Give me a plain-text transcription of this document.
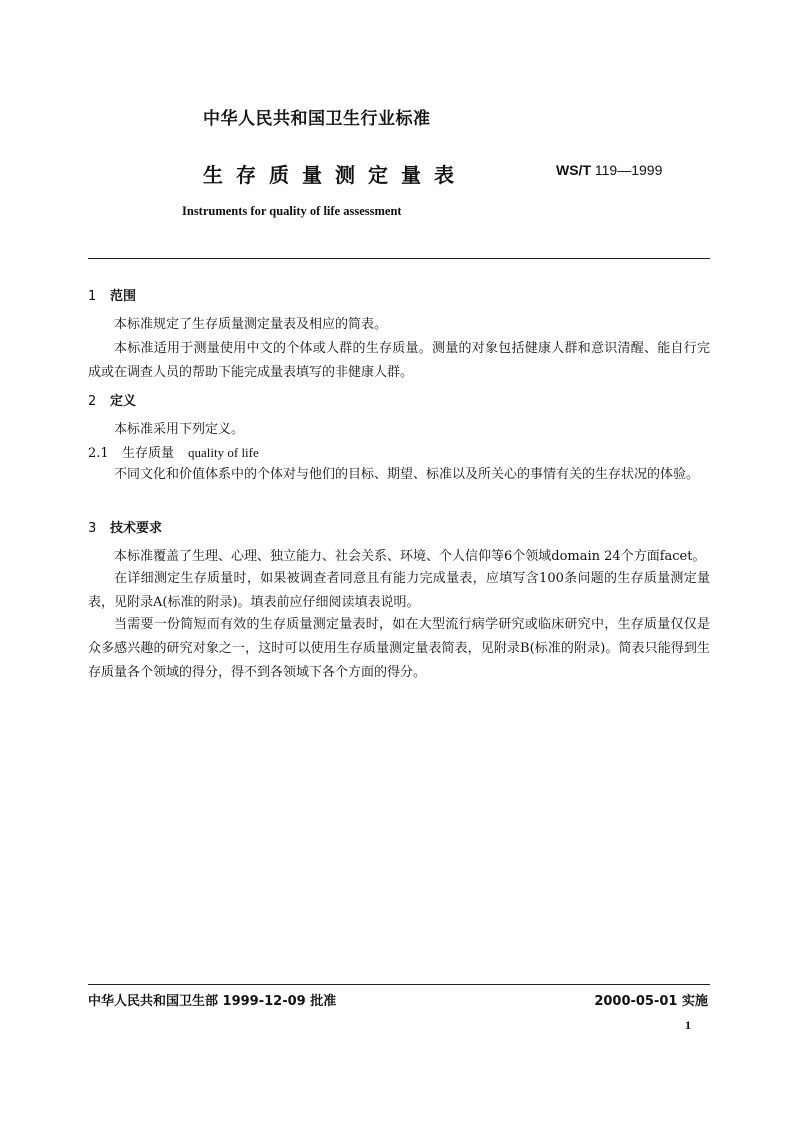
中华人民共和国卫生行业标准
生存质量测定量表	WS/T 119—1999
Instruments for quality of life assessment
1 范围

本标准规定了生存质量测定量表及相应的简表。

本标准适用于测量使用中文的个体或人群的生存质量。测量的对象包括健康人群和意识清醒、能自行完成或在调查人员的帮助下能完成量表填写的非健康人群。

2 定义

本标准采用下列定义。

2.1 生存质量 quality of life

不同文化和价值体系中的个体对与他们的目标、期望、标准以及所关心的事情有关的生存状况的体验。

3 技术要求

本标准覆盖了生理、心理、独立能力、社会关系、环境、个人信仰等6个领域domain 24个方面facet。

在详细测定生存质量时，如果被调查者同意且有能力完成量表，应填写含100条问题的生存质量测定量表，见附录A(标准的附录)。填表前应仔细阅读填表说明。

当需要一份简短而有效的生存质量测定量表时，如在大型流行病学研究或临床研究中，生存质量仅仅是众多感兴趣的研究对象之一，这时可以使用生存质量测定量表简表，见附录B(标准的附录)。简表只能得到生存质量各个领域的得分，得不到各领域下各个方面的得分。

中华人民共和国卫生部 1999-12-09 批准	2000-05-01 实施
1
